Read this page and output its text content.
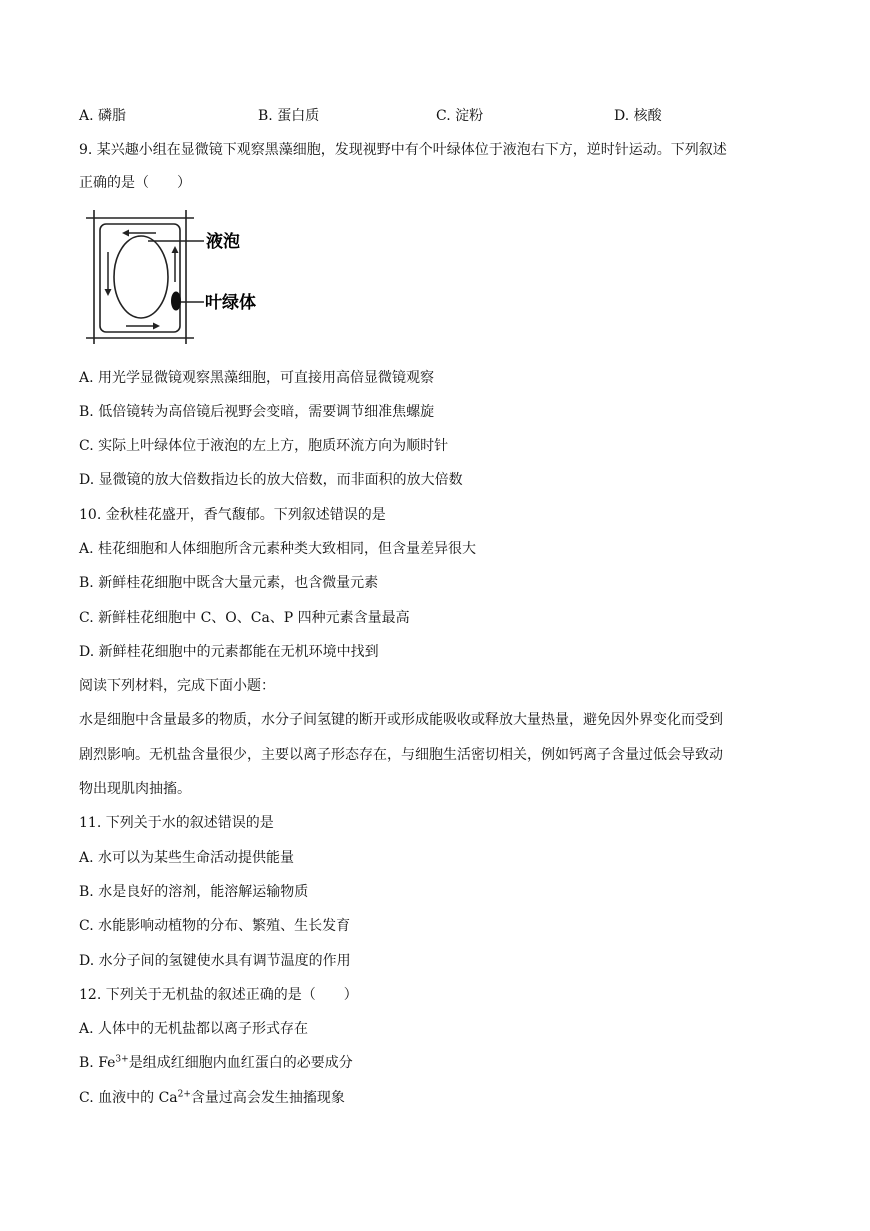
A. 磷脂	B. 蛋白质	C. 淀粉	D. 核酸
9. 某兴趣小组在显微镜下观察黑藻细胞，发现视野中有个叶绿体位于液泡右下方，逆时针运动。下列叙述
正确的是（　　）
液泡
叶绿体
A. 用光学显微镜观察黑藻细胞，可直接用高倍显微镜观察
B. 低倍镜转为高倍镜后视野会变暗，需要调节细准焦螺旋
C. 实际上叶绿体位于液泡的左上方，胞质环流方向为顺时针
D. 显微镜的放大倍数指边长的放大倍数，而非面积的放大倍数
10. 金秋桂花盛开，香气馥郁。下列叙述错误的是
A. 桂花细胞和人体细胞所含元素种类大致相同，但含量差异很大
B. 新鲜桂花细胞中既含大量元素，也含微量元素
C. 新鲜桂花细胞中 C、O、Ca、P 四种元素含量最高
D. 新鲜桂花细胞中的元素都能在无机环境中找到
阅读下列材料，完成下面小题：
水是细胞中含量最多的物质，水分子间氢键的断开或形成能吸收或释放大量热量，避免因外界变化而受到
剧烈影响。无机盐含量很少，主要以离子形态存在，与细胞生活密切相关，例如钙离子含量过低会导致动
物出现肌肉抽搐。
11. 下列关于水的叙述错误的是
A. 水可以为某些生命活动提供能量
B. 水是良好的溶剂，能溶解运输物质
C. 水能影响动植物的分布、繁殖、生长发育
D. 水分子间的氢键使水具有调节温度的作用
12. 下列关于无机盐的叙述正确的是（　　）
A. 人体中的无机盐都以离子形式存在
B. $Fe^{3+}$是组成红细胞内血红蛋白的必要成分
C. 血液中的 $Ca^{2+}$含量过高会发生抽搐现象
